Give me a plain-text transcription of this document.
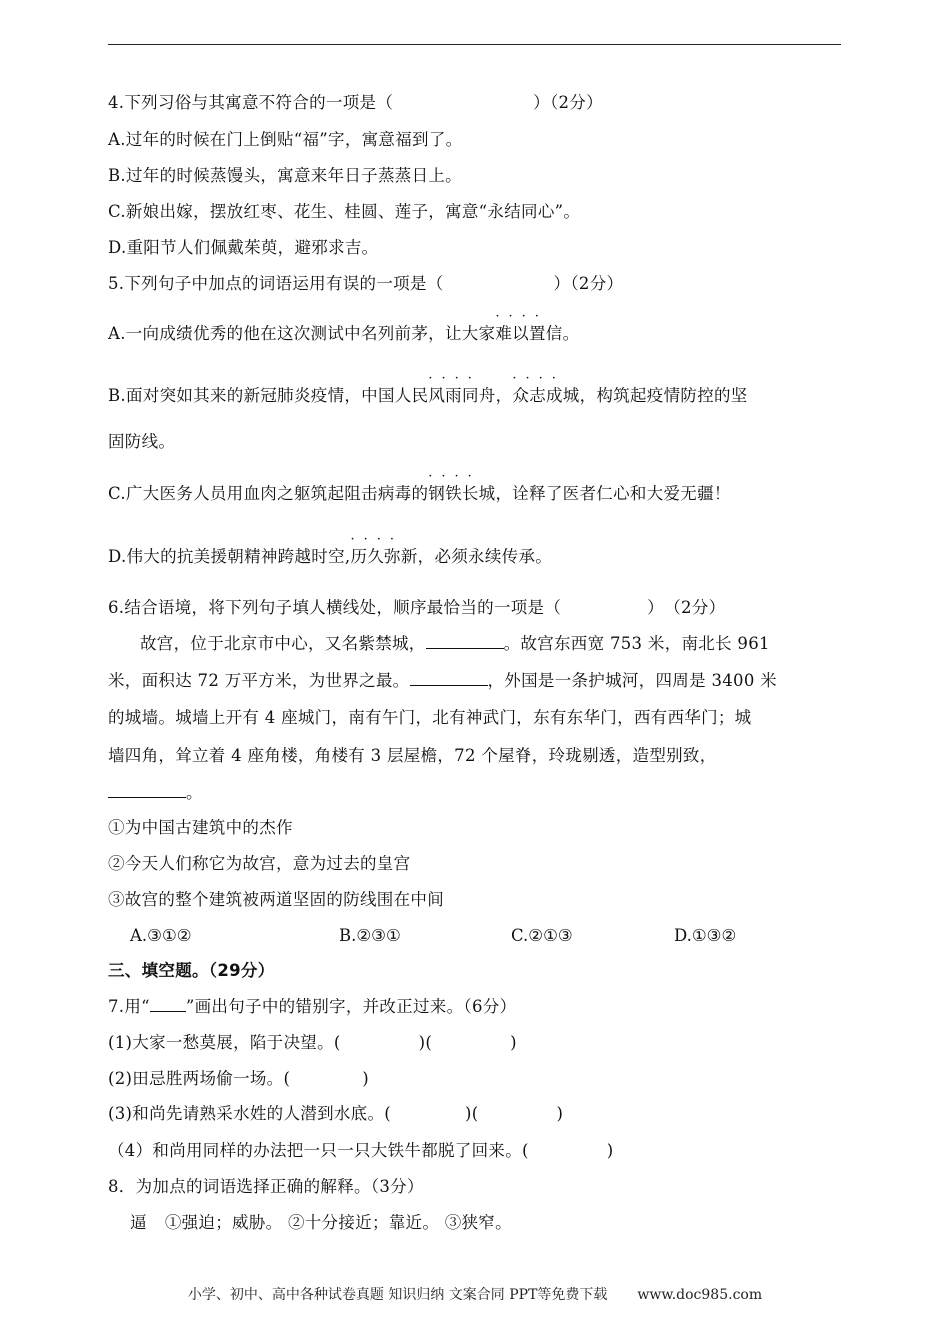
4.下列习俗与其寓意不符合的一项是（	）（2分）
A.过年的时候在门上倒贴“福”字，寓意福到了。
B.过年的时候蒸馒头，寓意来年日子蒸蒸日上。
C.新娘出嫁，摆放红枣、花生、桂圆、莲子，寓意“永结同心”。
D.重阳节人们佩戴茱萸，避邪求吉。
5.下列句子中加点的词语运用有误的一项是（	）（2分）
A.一向成绩优秀的他在这次测试中名列前茅，让大家···· 难以置信。
B.面对突如其来的新冠肺炎疫情，中国人民···· 风雨同舟，···· 众志成城，构筑起疫情防控的坚
固防线。
C.广大医务人员用血肉之躯筑起阻击病毒的···· 钢铁长城，诠释了医者仁心和大爱无疆！
D.伟大的抗美援朝精神跨越时空,···· 历久弥新，必须永续传承。
6.结合语境，将下列句子填人横线处，顺序最恰当的一项是（	）　（2分）
故宫，位于北京市中心，又名紫禁城，	。故宫东西宽 753 米，南北长 961
米，面积达 72 万平方米，为世界之最。	，外国是一条护城河，四周是 3400 米
的城墙。城墙上开有 4 座城门，南有午门，北有神武门，东有东华门，西有西华门；城
墙四角，耸立着 4 座角楼，角楼有 3 层屋檐，72 个屋脊，玲珑剔透，造型别致，
。
①为中国古建筑中的杰作
②今天人们称它为故宫，意为过去的皇宫
③故宫的整个建筑被两道坚固的防线围在中间
A.③①②	B.②③①	C.②①③	D.①③②
三、填空题。（29分）
7.用“ ”画出句子中的错别字，并改正过来。（6分）
(1)大家一愁莫展，陷于决望。(	)(	)
(2)田忌胜两场偷一场。(	)
(3)和尚先请熟采水姓的人潜到水底。(	)(	)
（4）和尚用同样的办法把一只一只大铁牛都脱了回来。(	)
8．为加点的词语选择正确的解释。（3分）
逼 ①强迫；威胁。 ②十分接近；靠近。 ③狭窄。
小学、初中、高中各种试卷真题 知识归纳 文案合同 PPT等免费下载 www.doc985.com
